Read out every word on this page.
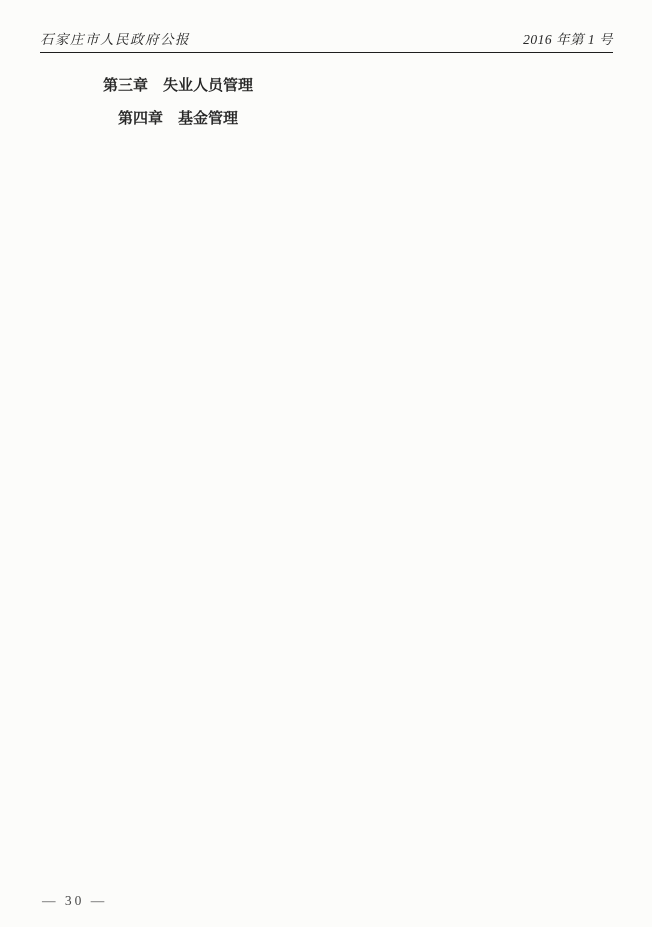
石家庄市人民政府公报	2016 年第 1 号
第三章　失业人员管理
第四章　基金管理
— 30 —
